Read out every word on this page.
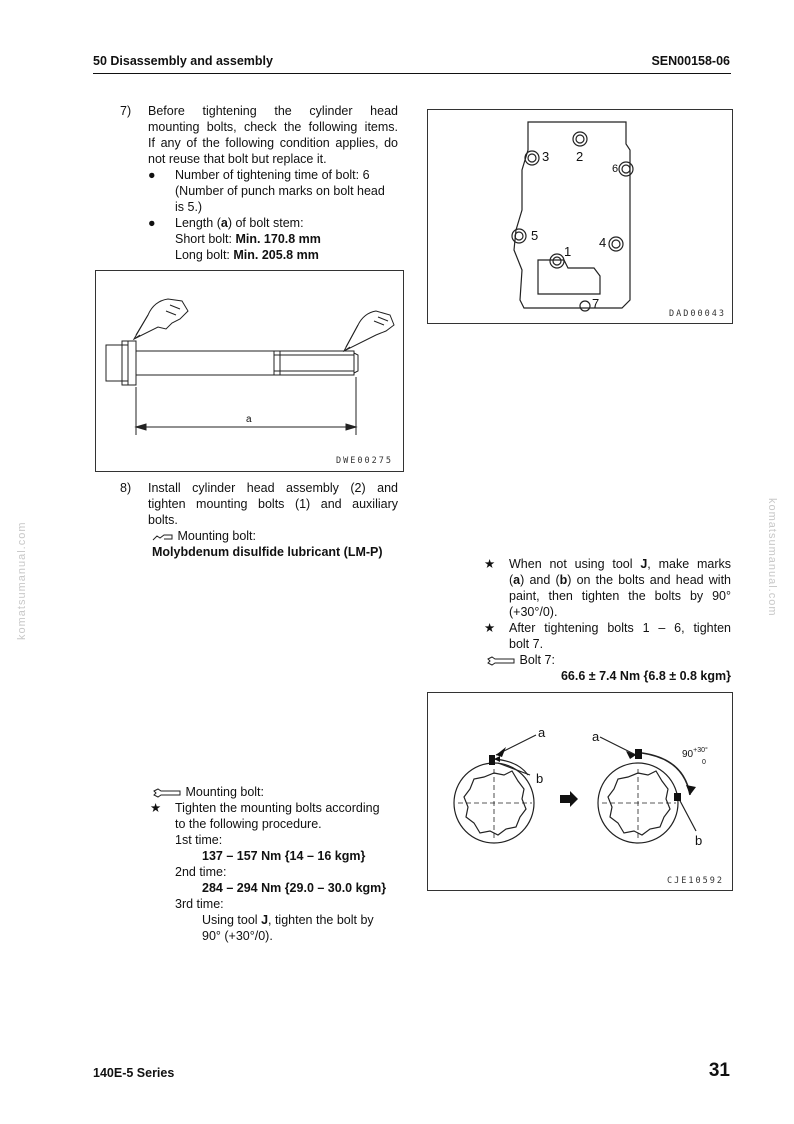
50 Disassembly and assembly	SEN00158-06
komatsumanual.com	komatsumanual.com
7) Before tightening the cylinder head
mounting bolts, check the following items.
If any of the following condition applies, do
not reuse that bolt but replace it.
● Number of tightening time of bolt: 6
(Number of punch marks on bolt head
is 5.)
● Length (a) of bolt stem:
Short bolt: Min. 170.8 mm
Long bolt: Min. 205.8 mm
a
DWE00275
8) Install cylinder head assembly (2) and
tighten mounting bolts (1) and auxiliary
bolts.
Mounting bolt:
Molybdenum disulfide lubricant (LM-P)
Mounting bolt:
★ Tighten the mounting bolts according
to the following procedure.
1st time:
137 – 157 Nm {14 – 16 kgm}
2nd time:
284 – 294 Nm {29.0 – 30.0 kgm}
3rd time:
Using tool J, tighten the bolt by
90° (+30°/0).
3 2
6
5
1
4
7
DAD00043
★ When not using tool J, make marks
(a) and (b) on the bolts and head with
paint, then tighten the bolts by 90°
(+30°/0).
★ After tightening bolts 1 – 6, tighten
bolt 7.
Bolt 7:
66.6 ± 7.4 Nm {6.8 ± 0.8 kgm}
a
b
a
b
$90^{+30^\circ}$
0
CJE10592
140E-5 Series	31
